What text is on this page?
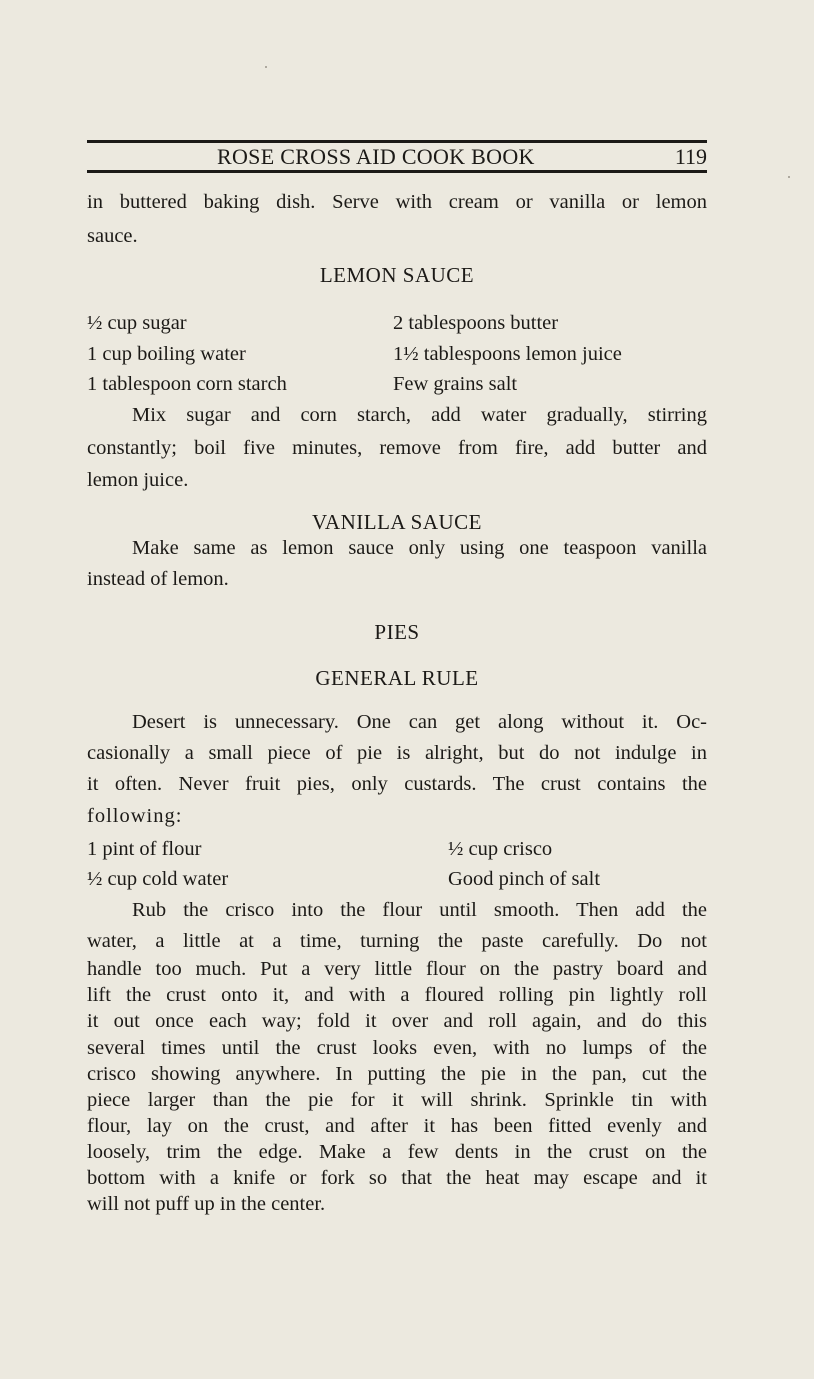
ROSE CROSS AID COOK BOOK	119
in buttered baking dish. Serve with cream or vanilla or lemon
sauce.
LEMON SAUCE
½ cup sugar
1 cup boiling water
1 tablespoon corn starch
2 tablespoons butter
1½ tablespoons lemon juice
Few grains salt
Mix sugar and corn starch, add water gradually, stirring
constantly; boil five minutes, remove from fire, add butter and
lemon juice.
VANILLA SAUCE
Make same as lemon sauce only using one teaspoon vanilla
instead of lemon.
PIES
GENERAL RULE
Desert is unnecessary. One can get along without it. Oc-
casionally a small piece of pie is alright, but do not indulge in
it often. Never fruit pies, only custards. The crust contains the
following:
1 pint of flour
½ cup cold water
½ cup crisco
Good pinch of salt
Rub the crisco into the flour until smooth. Then add the
water, a little at a time, turning the paste carefully. Do not
handle too much. Put a very little flour on the pastry board and
lift the crust onto it, and with a floured rolling pin lightly roll
it out once each way; fold it over and roll again, and do this
several times until the crust looks even, with no lumps of the
crisco showing anywhere. In putting the pie in the pan, cut the
piece larger than the pie for it will shrink. Sprinkle tin with
flour, lay on the crust, and after it has been fitted evenly and
loosely, trim the edge. Make a few dents in the crust on the
bottom with a knife or fork so that the heat may escape and it
will not puff up in the center.
